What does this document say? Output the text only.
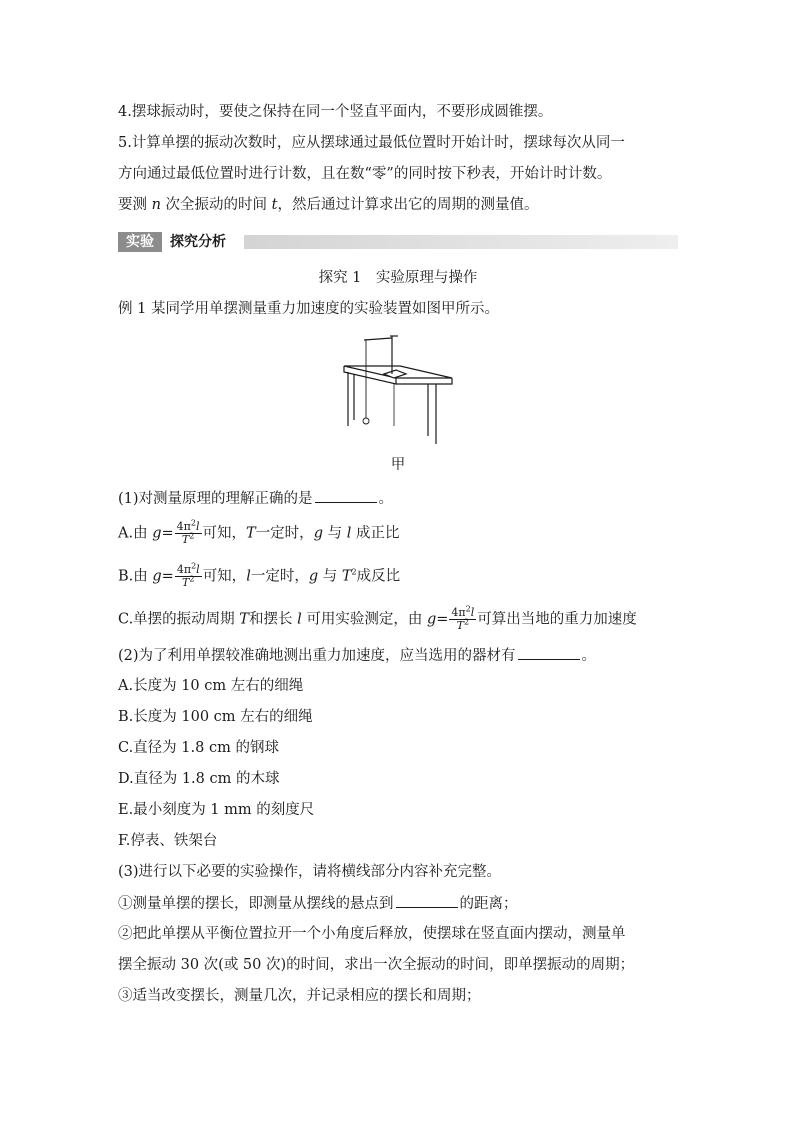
4.摆球振动时，要使之保持在同一个竖直平面内，不要形成圆锥摆。
5.计算单摆的振动次数时，应从摆球通过最低位置时开始计时，摆球每次从同一
方向通过最低位置时进行计数，且在数“零”的同时按下秒表，开始计时计数。
要测 n 次全振动的时间 t，然后通过计算求出它的周期的测量值。
实验	探究分析
探究 1　实验原理与操作
例 1 某同学用单摆测量重力加速度的实验装置如图甲所示。
甲
(1)对测量原理的理解正确的是	。
A.由 $g= \frac{4\pi^2l}{T^2}$ 可知，T一定时，g 与 l 成正比
B.由 $g= \frac{4\pi^2l}{T^2}$ 可知，l一定时，g 与 $T^2$成反比
C.单摆的振动周期 T和摆长 l 可用实验测定，由 $g= \frac{4\pi^2l}{T^2}$ 可算出当地的重力加速度
(2)为了利用单摆较准确地测出重力加速度，应当选用的器材有	。
A.长度为 10 cm 左右的细绳
B.长度为 100 cm 左右的细绳
C.直径为 1.8 cm 的钢球
D.直径为 1.8 cm 的木球
E.最小刻度为 1 mm 的刻度尺
F.停表、铁架台
(3)进行以下必要的实验操作，请将横线部分内容补充完整。
①测量单摆的摆长，即测量从摆线的悬点到	的距离；
②把此单摆从平衡位置拉开一个小角度后释放，使摆球在竖直面内摆动，测量单
摆全振动 30 次(或 50 次)的时间，求出一次全振动的时间，即单摆振动的周期；
③适当改变摆长，测量几次，并记录相应的摆长和周期；
